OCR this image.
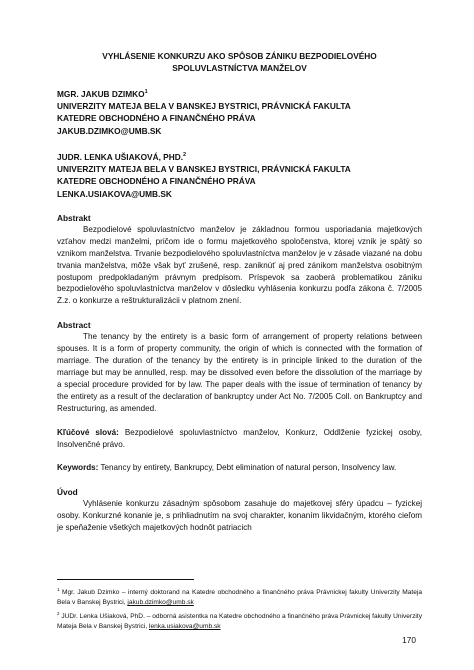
VYHLÁSENIE KONKURZU AKO SPÔSOB ZÁNIKU BEZPODIELOVÉHO SPOLUVLASTNÍCTVA MANŽELOV
MGR. JAKUB DZIMKO$^1$
UNIVERZITY MATEJA BELA V BANSKEJ BYSTRICI, PRÁVNICKÁ FAKULTA
KATEDRE OBCHODNÉHO A FINANČNÉHO PRÁVA
JAKUB.DZIMKO@UMB.SK
JUDR. LENKA UŠIAKOVÁ, PHD.$^2$
UNIVERZITY MATEJA BELA V BANSKEJ BYSTRICI, PRÁVNICKÁ FAKULTA
KATEDRE OBCHODNÉHO A FINANČNÉHO PRÁVA
LENKA.USIAKOVA@UMB.SK
Abstrakt

Bezpodielové spoluvlastníctvo manželov je základnou formou usporiadania majetkových vzťahov medzi manželmi, pričom ide o formu majetkového spoločenstva, ktorej vznik je spätý so vznikom manželstva. Trvanie bezpodielového spoluvlastníctva manželov je v zásade viazané na dobu trvania manželstva, môže však byť zrušené, resp. zaniknúť aj pred zánikom manželstva osobitným postupom predpokladaným právnym predpisom. Príspevok sa zaoberá problematikou zániku bezpodielového spoluvlastníctva manželov v dôsledku vyhlásenia konkurzu podľa zákona č. 7/2005 Z.z. o konkurze a reštrukturalizácii v platnom znení.

Abstract

The tenancy by the entirety is a basic form of arrangement of property relations between spouses. It is a form of property community, the origin of which is connected with the formation of marriage. The duration of the tenancy by the entirety is in principle linked to the duration of the marriage but may be annulled, resp. may be dissolved even before the dissolution of the marriage by a special procedure provided for by law. The paper deals with the issue of termination of tenancy by the entirety as a result of the declaration of bankruptcy under Act No. 7/2005 Coll. on Bankruptcy and Restructuring, as amended.

Kľúčové slová: Bezpodielové spoluvlastníctvo manželov, Konkurz, Oddlženie fyzickej osoby, Insolvenčné právo.

Keywords: Tenancy by entirety, Bankrupcy, Debt elimination of natural person, Insolvency law.

Úvod

Vyhlásenie konkurzu zásadným spôsobom zasahuje do majetkovej sféry úpadcu – fyzickej osoby. Konkurzné konanie je, s prihliadnutím na svoj charakter, konaním likvidačným, ktorého cieľom je speňaženie všetkých majetkových hodnôt patriacich

$^1$ Mgr. Jakub Dzimko – interný doktorand na Katedre obchodného a finančného práva Právnickej fakulty Univerzity Mateja Bela v Banskej Bystrici, jakub.dzimko@umb.sk
$^2$ JUDr. Lenka Ušiaková, PhD. – odborná asistentka na Katedre obchodného a finančného práva Právnickej fakulty Univerzity Mateja Bela v Banskej Bystrici, lenka.usiakova@umb.sk
170
